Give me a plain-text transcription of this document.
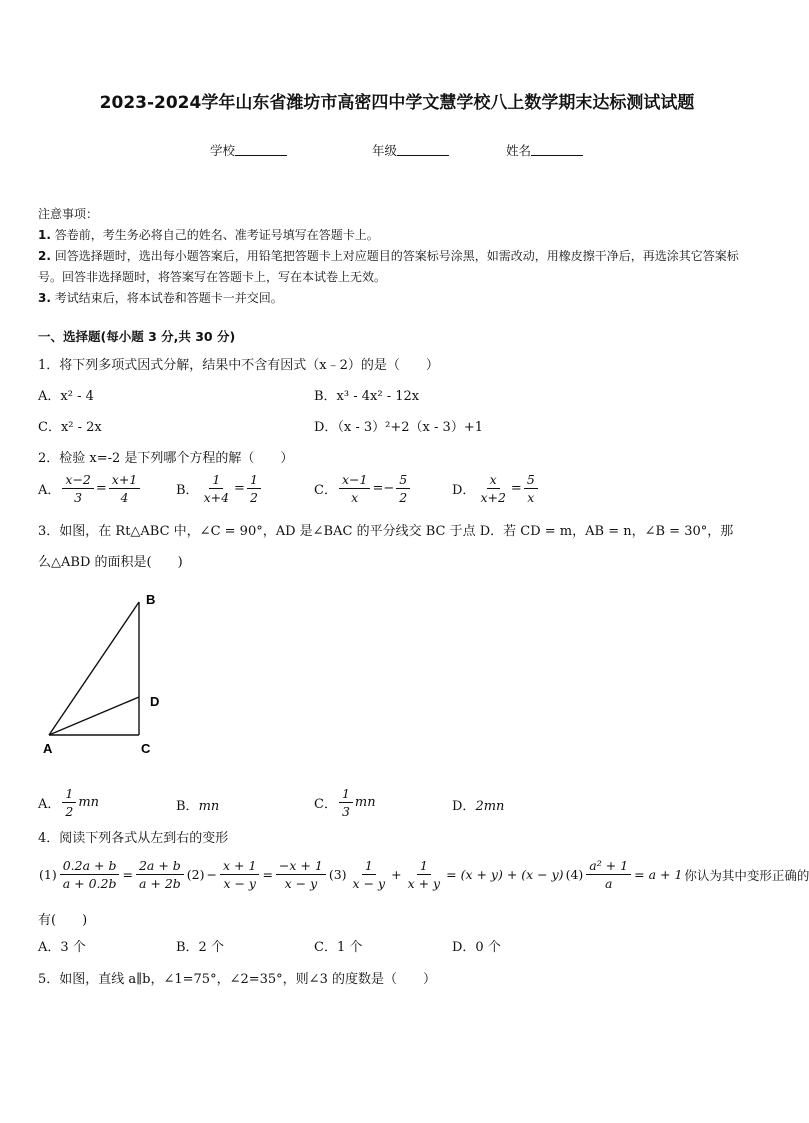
2023-2024学年山东省潍坊市高密四中学文慧学校八上数学期末达标测试试题
学校	年级	姓名

注意事项：

1. 答卷前，考生务必将自己的姓名、准考证号填写在答题卡上。

2. 回答选择题时，选出每小题答案后，用铅笔把答题卡上对应题目的答案标号涂黑，如需改动，用橡皮擦干净后，再选涂其它答案标号。回答非选择题时，将答案写在答题卡上，写在本试卷上无效。

3. 考试结束后，将本试卷和答题卡一并交回。

一、选择题(每小题 3 分,共 30 分)
1．将下列多项式因式分解，结果中不含有因式（x﹣2）的是（　　）
A．x² - 4	B．x³ - 4x² - 12x
C．x² - 2x	D．（x - 3）²+2（x - 3）+1
2．检验 x=-2 是下列哪个方程的解（　　）
A． $\frac{x-2}{3} = \frac{x+1}{4}$	B． $\frac{1}{x+4} = \frac{1}{2}$	C． $\frac{x-1}{x} =- \frac{5}{2}$	D． $\frac{x}{x+2} = \frac{5}{x}$
3．如图，在 Rt△ABC 中，∠C = 90°，AD 是∠BAC 的平分线交 BC 于点 D．若 CD = m，AB = n，∠B = 30°，那
么△ABD 的面积是(　　)
B
D
A	C
A． $\frac{1}{2}$ mn	B．mn	C． $\frac{1}{3}$ mn	D．2mn
4．阅读下列各式从左到右的变形
$(1) \frac{0.2a + b}{a + 0.2b} = \frac{2a + b}{a + 2b} (2) - \frac{x + 1}{x - y} = \frac{-x + 1}{x - y} (3) \frac{1}{x - y} + \frac{1}{x + y} = (x + y) + (x - y)$ $(4) \frac{\text{a² + 1}}{a} = a + 1$ 你认为其中变形正确的
有(　　)
A．3 个	B．2 个	C．1 个	D．0 个
5．如图，直线 a∥b，∠1=75°，∠2=35°，则∠3 的度数是（　　）
